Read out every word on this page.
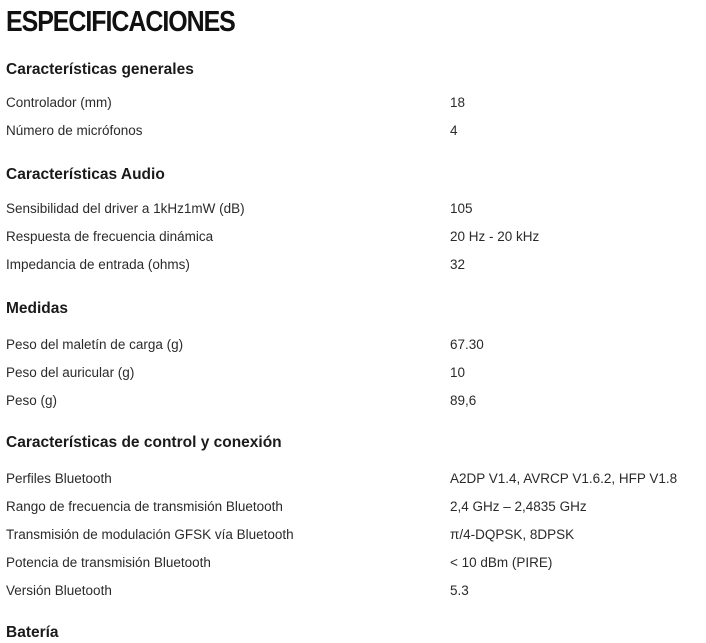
ESPECIFICACIONES
Características generales
Controlador (mm)	18
Número de micrófonos	4
Características Audio
Sensibilidad del driver a 1kHz1mW (dB)	105
Respuesta de frecuencia dinámica	20 Hz - 20 kHz
Impedancia de entrada (ohms)	32
Medidas
Peso del maletín de carga (g)	67.30
Peso del auricular (g)	10
Peso (g)	89,6
Características de control y conexión
Perfiles Bluetooth	A2DP V1.4, AVRCP V1.6.2, HFP V1.8
Rango de frecuencia de transmisión Bluetooth	2,4 GHz – 2,4835 GHz
Transmisión de modulación GFSK vía Bluetooth	π/4-DQPSK, 8DPSK
Potencia de transmisión Bluetooth	< 10 dBm (PIRE)
Versión Bluetooth	5.3
Batería
